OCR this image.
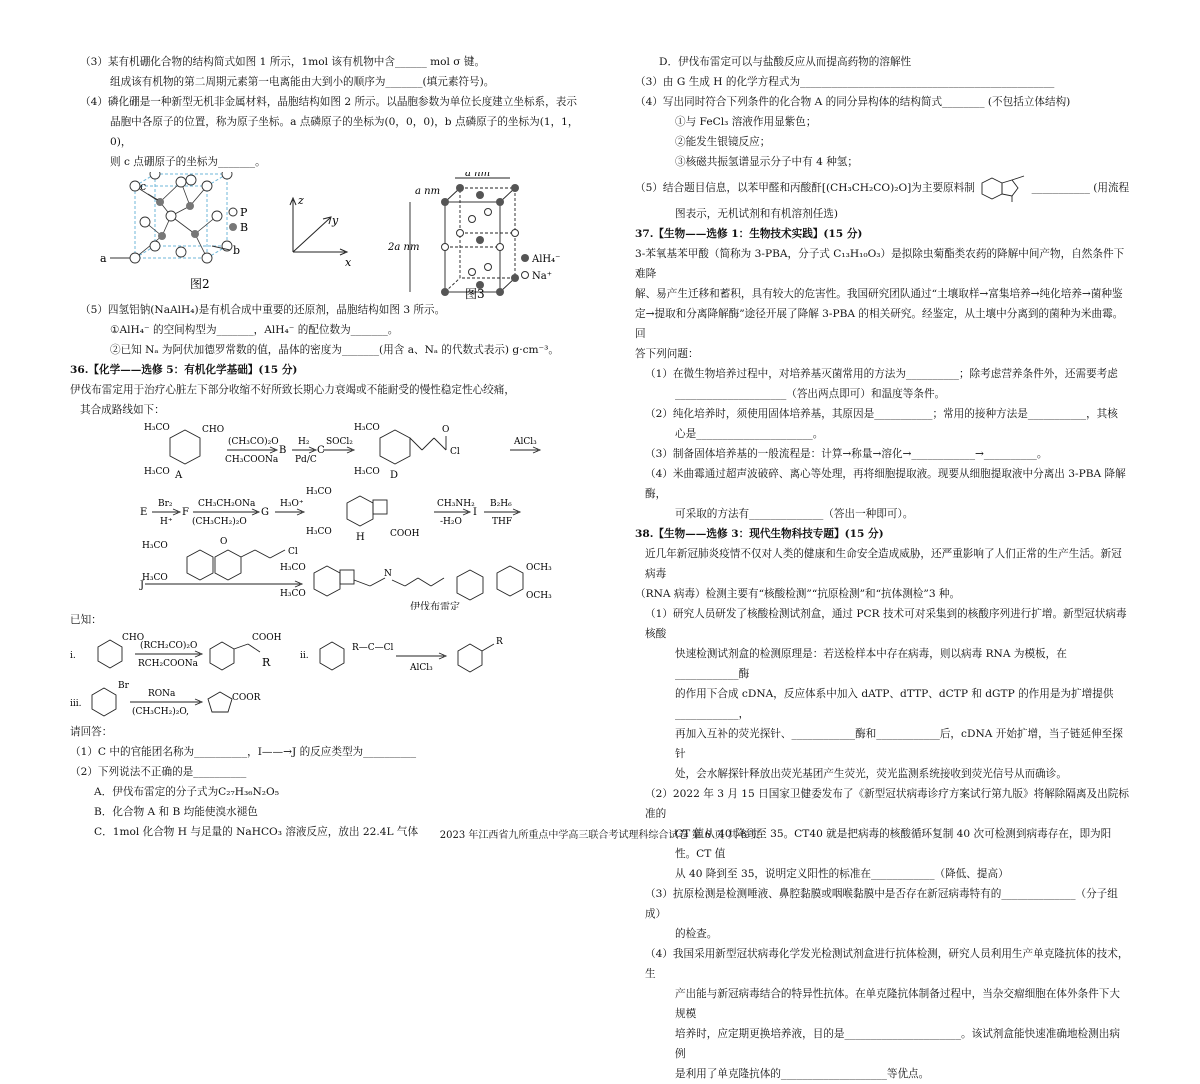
（3）某有机硼化合物的结构简式如图 1 所示，1mol 该有机物中含______ mol σ 键。

组成该有机物的第二周期元素第一电离能由大到小的顺序为_______(填元素符号)。

（4）磷化硼是一种新型无机非金属材料，晶胞结构如图 2 所示。以晶胞参数为单位长度建立坐标系，表示

晶胞中各原子的位置，称为原子坐标。a 点磷原子的坐标为(0，0，0)，b 点磷原子的坐标为(1，1，0)，

则 c 点硼原子的坐标为_______。

a
b
c
P
B
图2
z
y
x
a nm
a nm
2a nm
AlH₄⁻
Na⁺
图3

（5）四氢铝钠(NaAlH₄)是有机合成中重要的还原剂，晶胞结构如图 3 所示。

①AlH₄⁻ 的空间构型为_______，AlH₄⁻ 的配位数为_______。

②已知 Nₐ 为阿伏加德罗常数的值，晶体的密度为_______(用含 a、Nₐ 的代数式表示) g·cm⁻³。

36.【化学——选修 5：有机化学基础】(15 分)

伊伐布雷定用于治疗心脏左下部分收缩不好所致长期心力衰竭或不能耐受的慢性稳定性心绞痛，

其合成路线如下：

H₃CO	CHO
H₃CO A
(CH₃CO)₂O
CH₃COONa
B
H₂
Pd/C
C
SOCl₂
H₃CO
H₃CO D
O
Cl
AlCl₃
E
Br₂
H⁺
F
CH₃CH₂ONa
(CH₃CH₂)₂O
G
H₃O⁺
H₃CO
H₃CO H	COOH
CH₃NH₂
-H₂O
I
B₂H₆
THF
H₃CO
H₃CO
O
Cl
J
H₃CO
H₃CO
N
OCH₃
OCH₃
伊伐布雷定

已知：

i.
CHO
(RCH₂CO)₂O
RCH₂COONa
COOH
R	ii.
R—C—Cl
AlCl₃
R
iii.
Br
RONa
(CH₃CH₂)₂O,
COOR

请回答：

（1）C 中的官能团名称为__________，I——→J 的反应类型为__________

（2）下列说法不正确的是__________

A．伊伐布雷定的分子式为C₂₇H₃₆N₂O₅

B．化合物 A 和 B 均能使溴水褪色

C．1mol 化合物 H 与足量的 NaHCO₃ 溶液反应，放出 22.4L 气体

D．伊伐布雷定可以与盐酸反应从而提高药物的溶解性

（3）由 G 生成 H 的化学方程式为________________________________________________

（4）写出同时符合下列条件的化合物 A 的同分异构体的结构简式________ (不包括立体结构)

①与 FeCl₃ 溶液作用显紫色；

②能发生银镜反应；

③核磁共振氢谱显示分子中有 4 种氢；

（5）结合题目信息，以苯甲醛和丙酸酐[(CH₃CH₂CO)₂O]为主要原料制	___________ (用流程

图表示，无机试剂和有机溶剂任选)

37.【生物——选修 1：生物技术实践】(15 分)

3-苯氧基苯甲酸（简称为 3-PBA，分子式 C₁₃H₁₀O₃）是拟除虫菊酯类农药的降解中间产物，自然条件下难降

解、易产生迁移和蓄积，具有较大的危害性。我国研究团队通过“土壤取样→富集培养→纯化培养→菌种鉴

定→提取和分离降解酶”途径开展了降解 3-PBA 的相关研究。经鉴定，从土壤中分离到的菌种为米曲霉。回

答下列问题：

（1）在微生物培养过程中，对培养基灭菌常用的方法为__________；除考虑营养条件外，还需要考虑

_____________________（答出两点即可）和温度等条件。

（2）纯化培养时，须使用固体培养基，其原因是___________；常用的接种方法是___________，其核

心是______________________。

（3）制备固体培养基的一般流程是：计算→称量→溶化→____________→__________。

（4）米曲霉通过超声波破碎、离心等处理，再将细胞提取液。现要从细胞提取液中分离出 3-PBA 降解酶，

可采取的方法有______________（答出一种即可）。

38.【生物——选修 3：现代生物科技专题】(15 分)

近几年新冠肺炎疫情不仅对人类的健康和生命安全造成威胁，还严重影响了人们正常的生产生活。新冠病毒

（RNA 病毒）检测主要有“核酸检测”“抗原检测”和“抗体测检”3 种。

（1）研究人员研发了核酸检测试剂盒，通过 PCR 技术可对采集到的核酸序列进行扩增。新型冠状病毒核酸

快速检测试剂盒的检测原理是：若送检样本中存在病毒，则以病毒 RNA 为模板，在____________酶

的作用下合成 cDNA，反应体系中加入 dATP、dTTP、dCTP 和 dGTP 的作用是为扩增提供____________，

再加入互补的荧光探针、____________酶和____________后，cDNA 开始扩增，当子链延伸至探针

处，会水解探针释放出荧光基团产生荧光，荧光监测系统接收到荧光信号从而确诊。

（2）2022 年 3 月 15 日国家卫健委发布了《新型冠状病毒诊疗方案试行第九版》将解除隔离及出院标准的

CT 值从 40 降到至 35。CT40 就是把病毒的核酸循环复制 40 次可检测到病毒存在，即为阳性。CT 值

从 40 降到至 35，说明定义阳性的标准在____________（降低、提高）

（3）抗原检测是检测唾液、鼻腔黏膜或咽喉黏膜中是否存在新冠病毒特有的______________（分子组成）

的检查。

（4）我国采用新型冠状病毒化学发光检测试剂盒进行抗体检测，研究人员利用生产单克隆抗体的技术，生

产出能与新冠病毒结合的特异性抗体。在单克隆抗体制备过程中，当杂交瘤细胞在体外条件下大规模

培养时，应定期更换培养液，目的是______________________。该试剂盒能快速准确地检测出病例

是利用了单克隆抗体的____________________等优点。

2023 年江西省九所重点中学高三联合考试理科综合试卷 第 6 页 共 6 页
